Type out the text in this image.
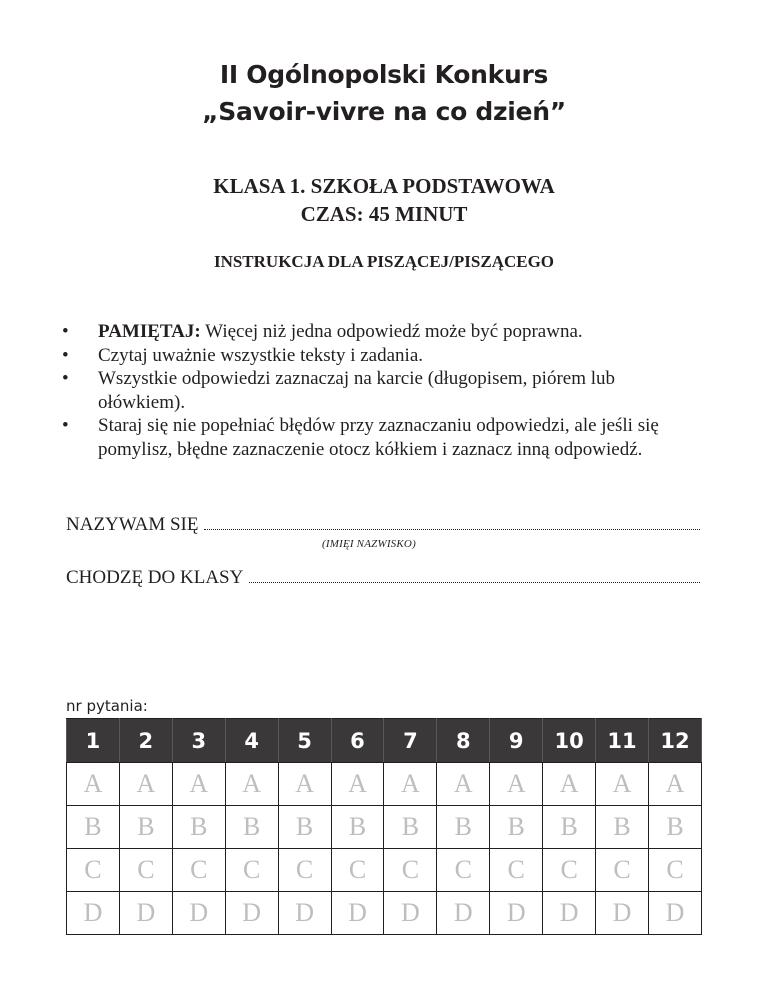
II Ogólnopolski Konkurs
„Savoir-vivre na co dzień”
KLASA 1. SZKOŁA PODSTAWOWA
CZAS: 45 MINUT
INSTRUKCJA DLA PISZĄCEJ/PISZĄCEGO
• PAMIĘTAJ: Więcej niż jedna odpowiedź może być poprawna.
• Czytaj uważnie wszystkie teksty i zadania.
• Wszystkie odpowiedzi zaznaczaj na karcie (długopisem, piórem lub ołówkiem).
• Staraj się nie popełniać błędów przy zaznaczaniu odpowiedzi, ale jeśli się pomylisz, błędne zaznaczenie otocz kółkiem i zaznacz inną odpowiedź.
NAZYWAM SIĘ
(IMIĘI NAZWISKO)
CHODZĘ DO KLASY
nr pytania:
1	2	3	4	5	6	7	8	9	10	11	12
A	A	A	A	A	A	A	A	A	A	A	A
B	B	B	B	B	B	B	B	B	B	B	B
C	C	C	C	C	C	C	C	C	C	C	C
D	D	D	D	D	D	D	D	D	D	D	D
